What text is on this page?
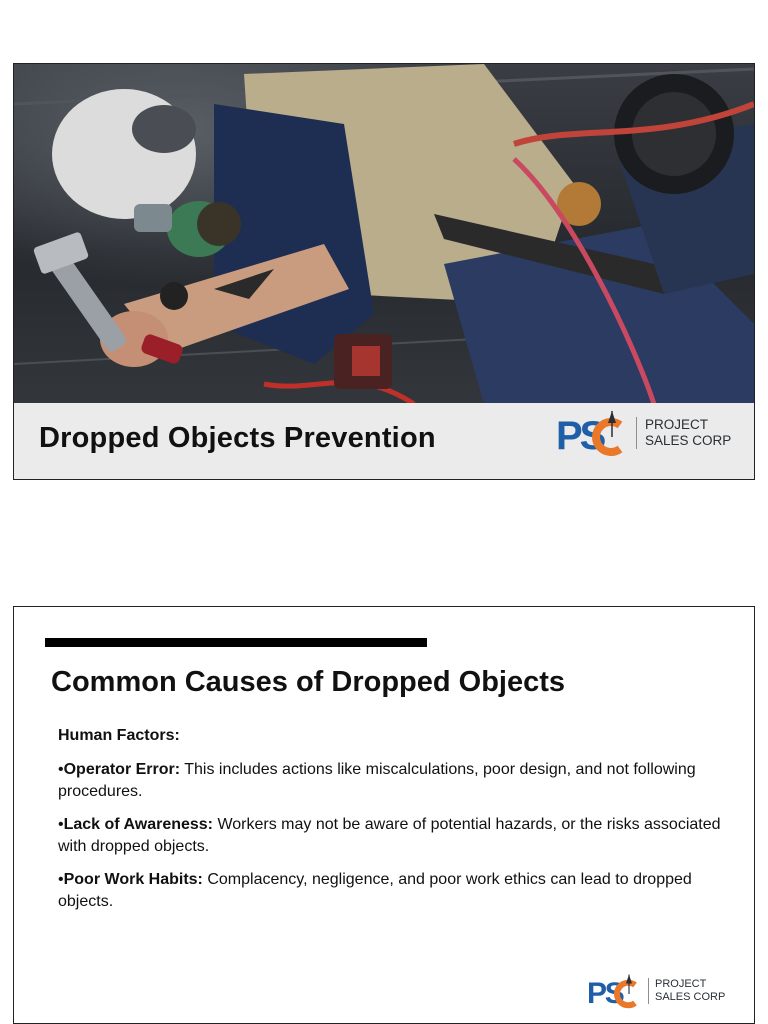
Dropped Objects Prevention	PS	PROJECT
SALES CORP
Common Causes of Dropped Objects

Human Factors:

•Operator Error: This includes actions like miscalculations, poor design, and not following procedures.

•Lack of Awareness: Workers may not be aware of potential hazards, or the risks associated with dropped objects.

•Poor Work Habits: Complacency, negligence, and poor work ethics can lead to dropped objects.

PS	PROJECT
SALES CORP
